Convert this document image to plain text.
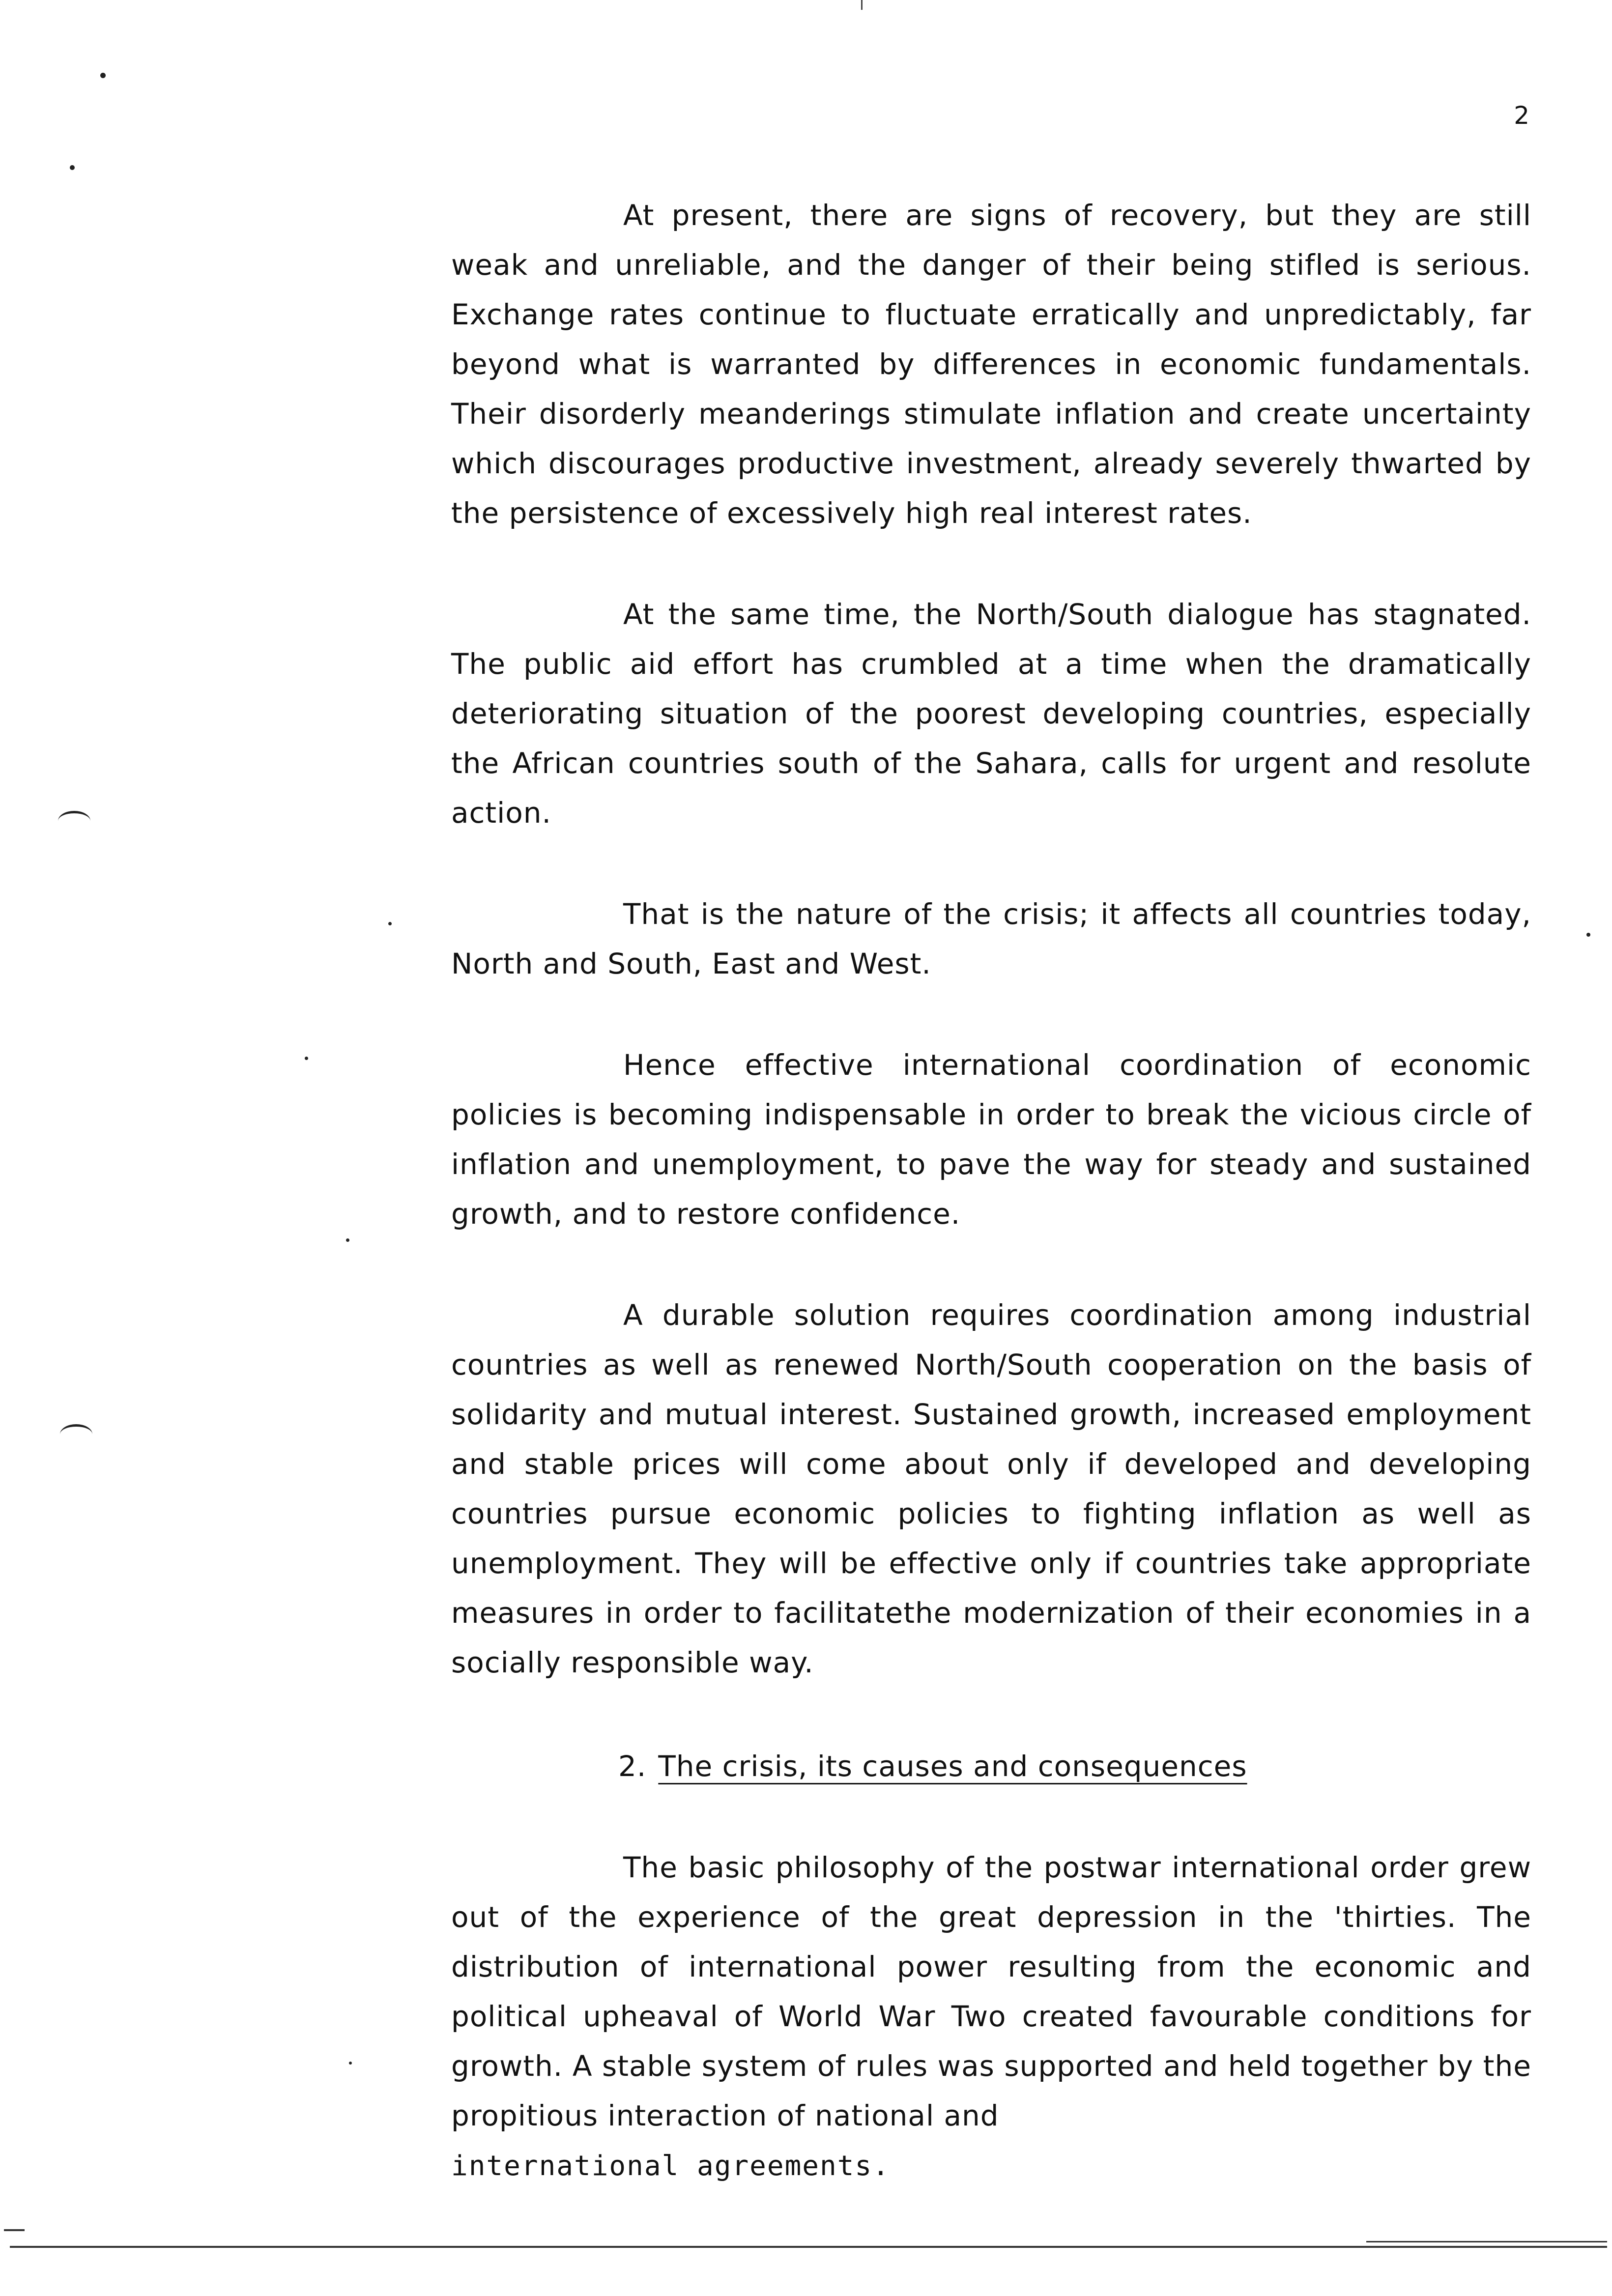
2

At present, there are signs of recovery, but they are still weak and unreliable, and the danger of their being stifled is serious. Exchange rates continue to fluctuate erratically and unpredictably, far beyond what is warranted by differences in economic fundamentals. Their disorderly meanderings stimulate inflation and create uncertainty which discourages productive investment, already severely thwarted by the persistence of excessively high real interest rates.

At the same time, the North/South dialogue has stagnated. The public aid effort has crumbled at a time when the dramatically deteriorating situation of the poorest developing countries, especially the African countries south of the Sahara, calls for urgent and resolute action.

That is the nature of the crisis; it affects all countries today, North and South, East and West.

Hence effective international coordination of economic policies is becoming indispensable in order to break the vicious circle of inflation and unemployment, to pave the way for steady and sustained growth, and to restore confidence.

A durable solution requires coordination among industrial countries as well as renewed North/South cooperation on the basis of solidarity and mutual interest. Sustained growth, increased employment and stable prices will come about only if developed and developing countries pursue economic policies to fighting inflation as well as unemployment. They will be effective only if countries take appropriate measures in order to facilitatethe modernization of their economies in a socially responsible way.

2. The crisis, its causes and consequences

The basic philosophy of the postwar international order grew out of the experience of the great depression in the 'thirties. The distribution of international power resulting from the economic and political upheaval of World War Two created favourable conditions for growth. A stable system of rules was supported and held together by the propitious interaction of national and
international agreements.
